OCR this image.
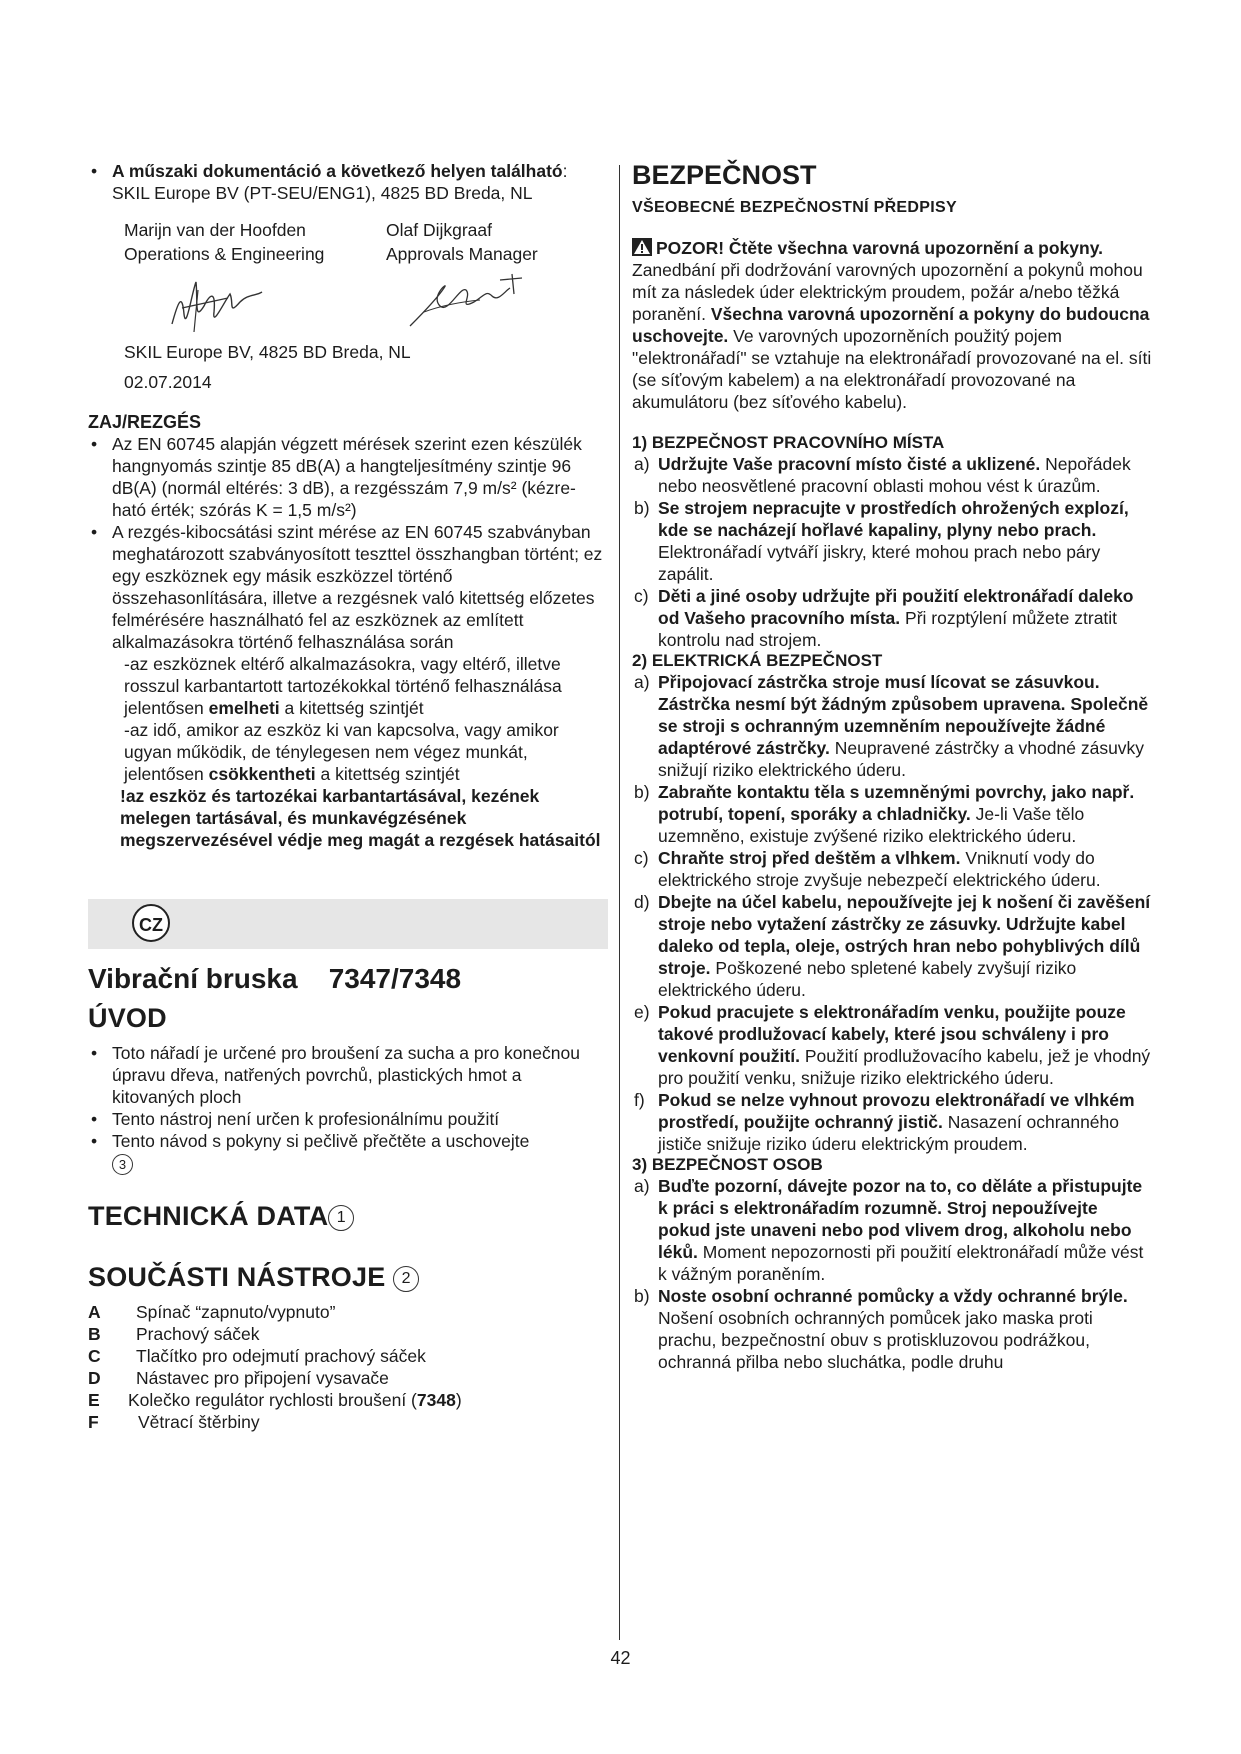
• A műszaki dokumentáció a következő helyen található: SKIL Europe BV (PT-SEU/ENG1), 4825 BD Breda, NL

Marijn van der Hoofden	Olaf Dijkgraaf
Operations & Engineering	Approvals Manager

SKIL Europe BV, 4825 BD Breda, NL

02.07.2014

ZAJ/REZGÉS

• Az EN 60745 alapján végzett mérések szerint ezen készülék hangnyomás szintje 85 dB(A) a hangteljesítmény szintje 96 dB(A) (normál eltérés: 3 dB), a rezgésszám 7,9 m/s² (kézre-ható érték; szórás K = 1,5 m/s²)

• A rezgés-kibocsátási szint mérése az EN 60745 szabványban meghatározott szabványosított teszttel összhangban történt; ez egy eszköznek egy másik eszközzel történő összehasonlítására, illetve a rezgésnek való kitettség előzetes felmérésére használható fel az eszköznek az említett alkalmazásokra történő felhasználása során

-az eszköznek eltérő alkalmazásokra, vagy eltérő, illetve rosszul karbantartott tartozékokkal történő felhasználása jelentősen emelheti a kitettség szintjét

-az idő, amikor az eszköz ki van kapcsolva, vagy amikor ugyan működik, de ténylegesen nem végez munkát, jelentősen csökkentheti a kitettség szintjét

!az eszköz és tartozékai karbantartásával, kezének melegen tartásával, és munkavégzésének megszervezésével védje meg magát a rezgések hatásaitól

CZ

Vibrační bruska    7347/7348

ÚVOD

• Toto nářadí je určené pro broušení za sucha a pro konečnou úpravu dřeva, natřených povrchů, plastických hmot a kitovaných ploch

• Tento nástroj není určen k profesionálnímu použití

• Tento návod s pokyny si pečlivě přečtěte a uschovejte
3

TECHNICKÁ DATA 1

SOUČÁSTI NÁSTROJE 2

A	Spínač “zapnuto/vypnuto”
B	Prachový sáček
C	Tlačítko pro odejmutí prachový sáček
D	Nástavec pro připojení vysavače
E	Kolečko regulátor rychlosti broušení (7348)
F	Větrací štěrbiny

BEZPEČNOST

VŠEOBECNÉ BEZPEČNOSTNÍ PŘEDPISY

POZOR! Čtěte všechna varovná upozornění a pokyny. Zanedbání při dodržování varovných upozornění a pokynů mohou mít za následek úder elektrickým proudem, požár a/nebo těžká poranění. Všechna varovná upozornění a pokyny do budoucna uschovejte. Ve varovných upozorněních použitý pojem "elektronářadí" se vztahuje na elektronářadí provozované na el. síti (se síťovým kabelem) a na elektronářadí provozované na akumulátoru (bez síťového kabelu).

1) BEZPEČNOST PRACOVNÍHO MÍSTA

a) Udržujte Vaše pracovní místo čisté a uklizené. Nepořádek nebo neosvětlené pracovní oblasti mohou vést k úrazům.

b) Se strojem nepracujte v prostředích ohrožených explozí, kde se nacházejí hořlavé kapaliny, plyny nebo prach. Elektronářadí vytváří jiskry, které mohou prach nebo páry zapálit.

c) Děti a jiné osoby udržujte při použití elektronářadí daleko od Vašeho pracovního místa. Při rozptýlení můžete ztratit kontrolu nad strojem.

2) ELEKTRICKÁ BEZPEČNOST

a) Připojovací zástrčka stroje musí lícovat se zásuvkou. Zástrčka nesmí být žádným způsobem upravena. Společně se stroji s ochranným uzemněním nepoužívejte žádné adaptérové zástrčky. Neupravené zástrčky a vhodné zásuvky snižují riziko elektrického úderu.

b) Zabraňte kontaktu těla s uzemněnými povrchy, jako např. potrubí, topení, sporáky a chladničky. Je-li Vaše tělo uzemněno, existuje zvýšené riziko elektrického úderu.

c) Chraňte stroj před deštěm a vlhkem. Vniknutí vody do elektrického stroje zvyšuje nebezpečí elektrického úderu.

d) Dbejte na účel kabelu, nepoužívejte jej k nošení či zavěšení stroje nebo vytažení zástrčky ze zásuvky. Udržujte kabel daleko od tepla, oleje, ostrých hran nebo pohyblivých dílů stroje. Poškozené nebo spletené kabely zvyšují riziko elektrického úderu.

e) Pokud pracujete s elektronářadím venku, použijte pouze takové prodlužovací kabely, které jsou schváleny i pro venkovní použití. Použití prodlužovacího kabelu, jež je vhodný pro použití venku, snižuje riziko elektrického úderu.

f) Pokud se nelze vyhnout provozu elektronářadí ve vlhkém prostředí, použijte ochranný jistič. Nasazení ochranného jističe snižuje riziko úderu elektrickým proudem.

3) BEZPEČNOST OSOB

a) Buďte pozorní, dávejte pozor na to, co děláte a přistupujte k práci s elektronářadím rozumně. Stroj nepoužívejte pokud jste unaveni nebo pod vlivem drog, alkoholu nebo léků. Moment nepozornosti při použití elektronářadí může vést k vážným poraněním.

b) Noste osobní ochranné pomůcky a vždy ochranné brýle. Nošení osobních ochranných pomůcek jako maska proti prachu, bezpečnostní obuv s protiskluzovou podrážkou, ochranná přilba nebo sluchátka, podle druhu

42
